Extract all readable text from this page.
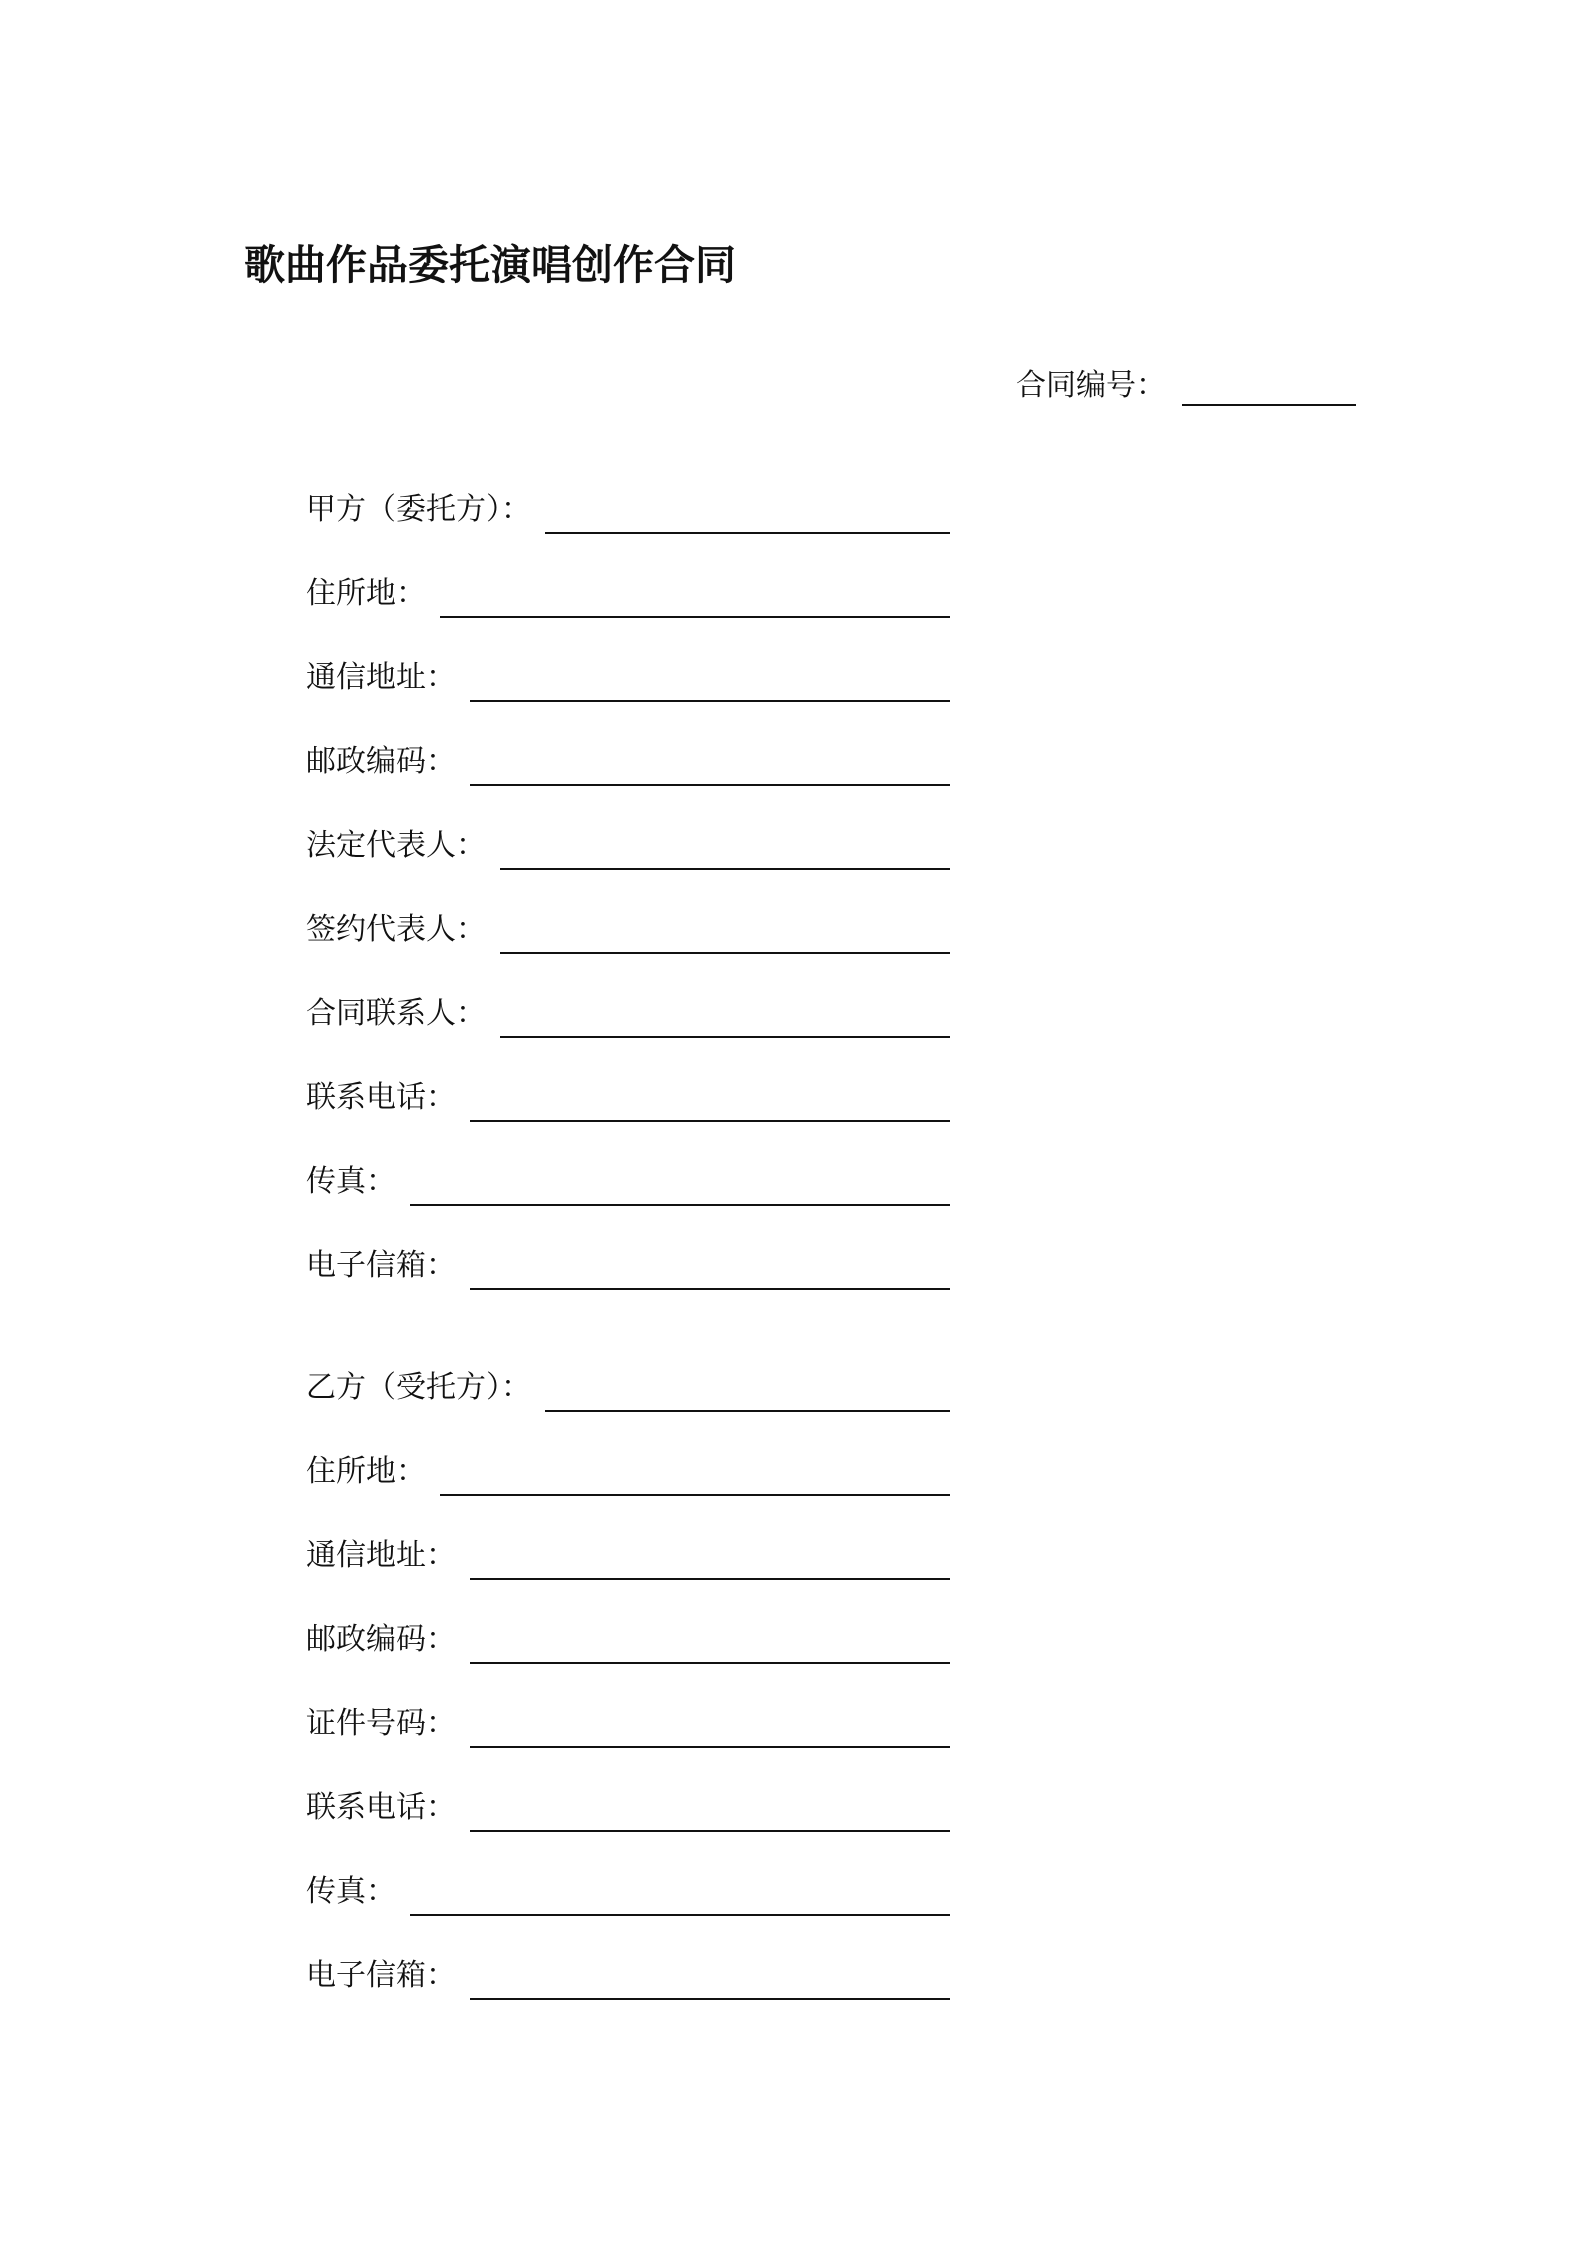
歌曲作品委托演唱创作合同
合同编号：
甲方（委托方）：
住所地：
通信地址：
邮政编码：
法定代表人：
签约代表人：
合同联系人：
联系电话：
传真：
电子信箱：
乙方（受托方）：
住所地：
通信地址：
邮政编码：
证件号码：
联系电话：
传真：
电子信箱：
